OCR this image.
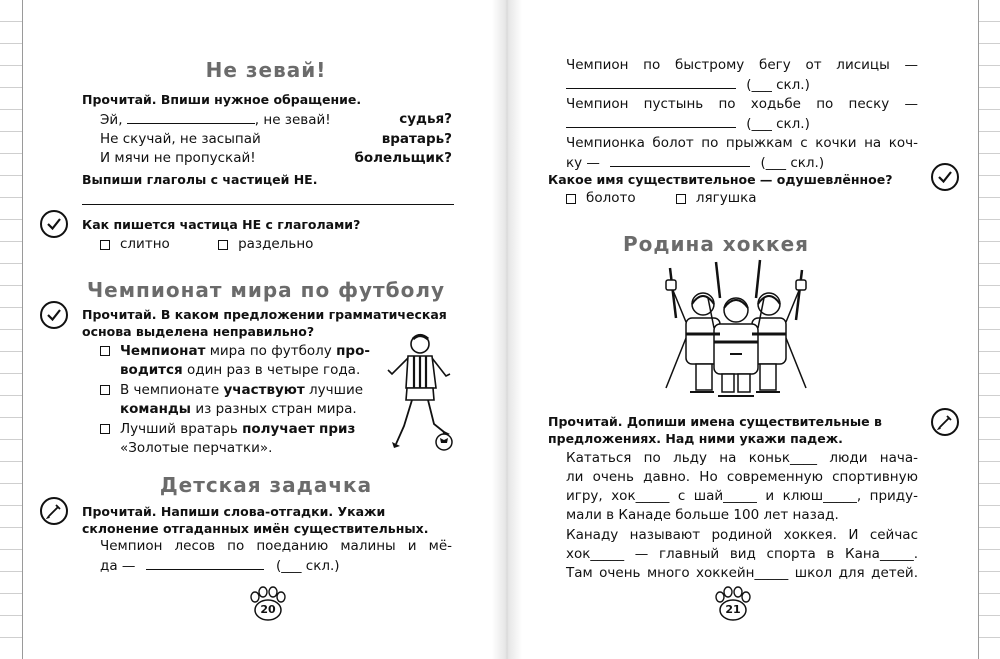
Не зевай!
Прочитай. Впиши нужное обращение.
Эй,	, не зевай!	судья?
Не скучай, не засыпай	вратарь?
И мячи не пропускай!	болельщик?
Выпиши глаголы с частицей НЕ.
Как пишется частица НЕ с глаголами?
слитно
	раздельно
Чемпионат мира по футболу
Прочитай. В каком предложении грамматическая основа выделена неправильно?
Чемпионат мира по футболу про-
водится один раз в четыре года.
В чемпионате участвуют лучшие
команды из разных стран мира.
Лучший вратарь получает приз
«Золотые перчатки».
Детская задачка
Прочитай. Напиши слова-отгадки. Укажи склонение отгаданных имён существительных.
Чемпион лесов по поеданию малины и мё-
да —	(___ скл.)
20
Чемпион по быстрому бегу от лисицы —
(___ скл.)
Чемпион пустынь по ходьбе по песку —
(___ скл.)
Чемпионка болот по прыжкам с кочки на коч-
ку —	(___ скл.)
Какое имя существительное — одушевлённое?
болото
	лягушка
Родина хоккея
Прочитай. Допиши имена существительные в предложениях. Над ними укажи падеж.
Кататься по льду на коньк____ люди нача-
ли очень давно. Но современную спортивную
игру, хок_____ с шай_____ и клюш_____, приду-
мали в Канаде больше 100 лет назад.
Канаду называют родиной хоккея. И сейчас
хок_____ — главный вид спорта в Кана_____.
Там очень много хоккейн_____ школ для детей.
21
